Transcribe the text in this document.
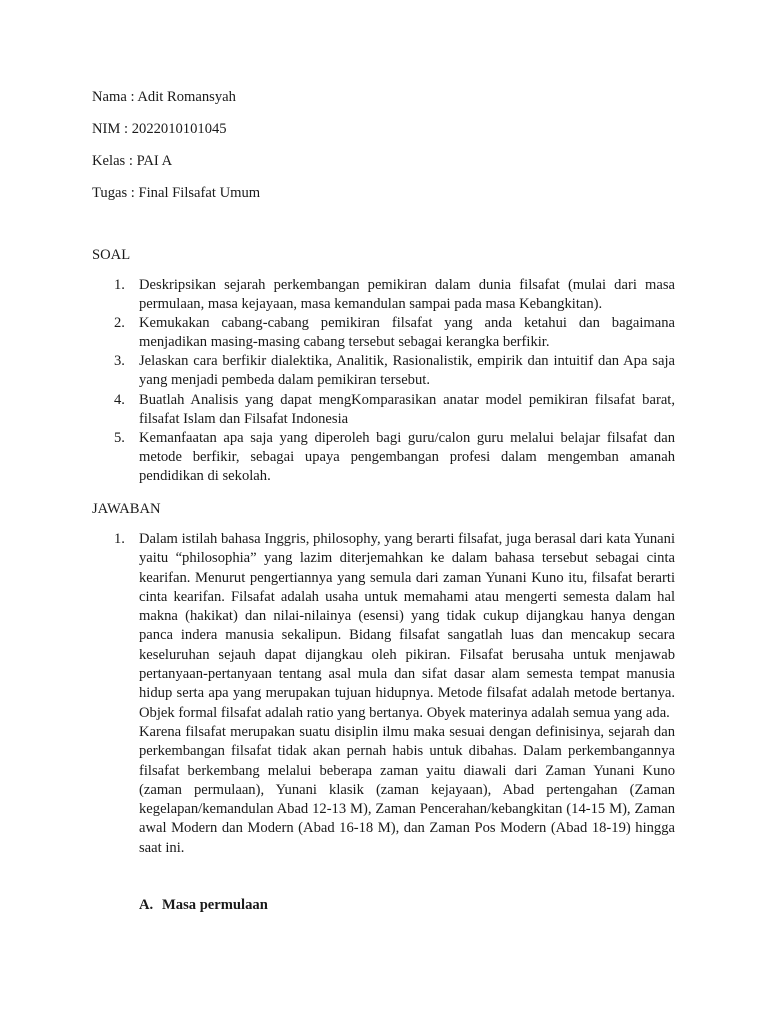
Nama : Adit Romansyah
NIM : 2022010101045
Kelas : PAI A
Tugas : Final Filsafat Umum
SOAL
1. Deskripsikan sejarah perkembangan pemikiran dalam dunia filsafat (mulai dari masa permulaan, masa kejayaan, masa kemandulan sampai pada masa Kebangkitan).
2. Kemukakan cabang-cabang pemikiran filsafat yang anda ketahui dan bagaimana menjadikan masing-masing cabang tersebut sebagai kerangka berfikir.
3. Jelaskan cara berfikir dialektika, Analitik, Rasionalistik, empirik dan intuitif dan Apa saja yang menjadi pembeda dalam pemikiran tersebut.
4. Buatlah Analisis yang dapat mengKomparasikan anatar model pemikiran filsafat barat, filsafat Islam dan Filsafat Indonesia
5. Kemanfaatan apa saja yang diperoleh bagi guru/calon guru melalui belajar filsafat dan metode berfikir, sebagai upaya pengembangan profesi dalam mengemban amanah pendidikan di sekolah.
JAWABAN
1. Dalam istilah bahasa Inggris, philosophy, yang berarti filsafat, juga berasal dari kata Yunani yaitu “philosophia” yang lazim diterjemahkan ke dalam bahasa tersebut sebagai cinta kearifan. Menurut pengertiannya yang semula dari zaman Yunani Kuno itu, filsafat berarti cinta kearifan. Filsafat adalah usaha untuk memahami atau mengerti semesta dalam hal makna (hakikat) dan nilai-nilainya (esensi) yang tidak cukup dijangkau hanya dengan panca indera manusia sekalipun. Bidang filsafat sangatlah luas dan mencakup secara keseluruhan sejauh dapat dijangkau oleh pikiran. Filsafat berusaha untuk menjawab pertanyaan-pertanyaan tentang asal mula dan sifat dasar alam semesta tempat manusia hidup serta apa yang merupakan tujuan hidupnya. Metode filsafat adalah metode bertanya. Objek formal filsafat adalah ratio yang bertanya. Obyek materinya adalah semua yang ada.
Karena filsafat merupakan suatu disiplin ilmu maka sesuai dengan definisinya, sejarah dan perkembangan filsafat tidak akan pernah habis untuk dibahas. Dalam perkembangannya filsafat berkembang melalui beberapa zaman yaitu diawali dari Zaman Yunani Kuno (zaman permulaan), Yunani klasik (zaman kejayaan), Abad pertengahan (Zaman kegelapan/kemandulan Abad 12-13 M), Zaman Pencerahan/kebangkitan (14-15 M), Zaman awal Modern dan Modern (Abad 16-18 M), dan Zaman Pos Modern (Abad 18-19) hingga saat ini.
A. Masa permulaan
